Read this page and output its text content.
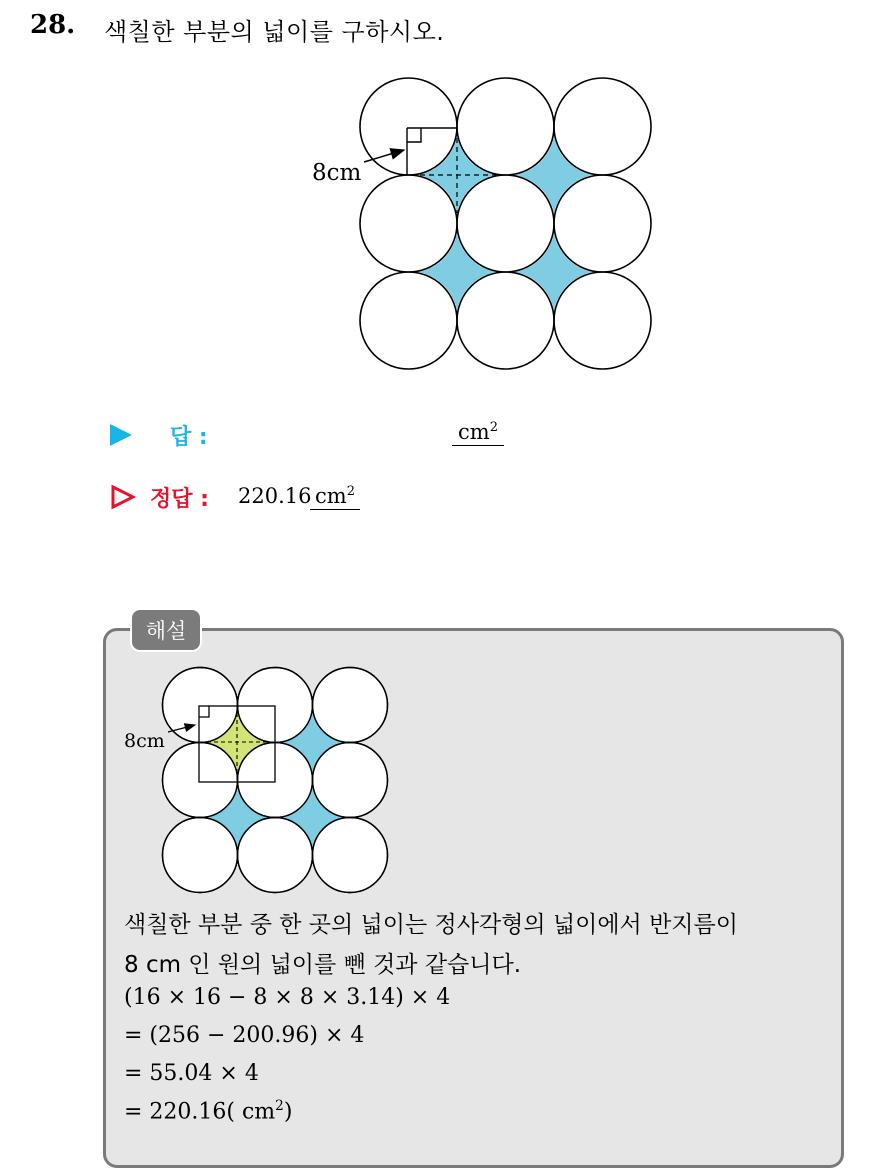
28. 색칠한 부분의 넓이를 구하시오.
8cm
답 :	$cm^2$
정답 : 220.16 $cm^2$
해설
8cm
색칠한 부분 중 한 곳의 넓이는 정사각형의 넓이에서 반지름이
8 cm 인 원의 넓이를 뺀 것과 같습니다.
(16 × 16 − 8 × 8 × 3.14) × 4
= (256 − 200.96) × 4
= 55.04 × 4
= 220.16( $cm^2$)
